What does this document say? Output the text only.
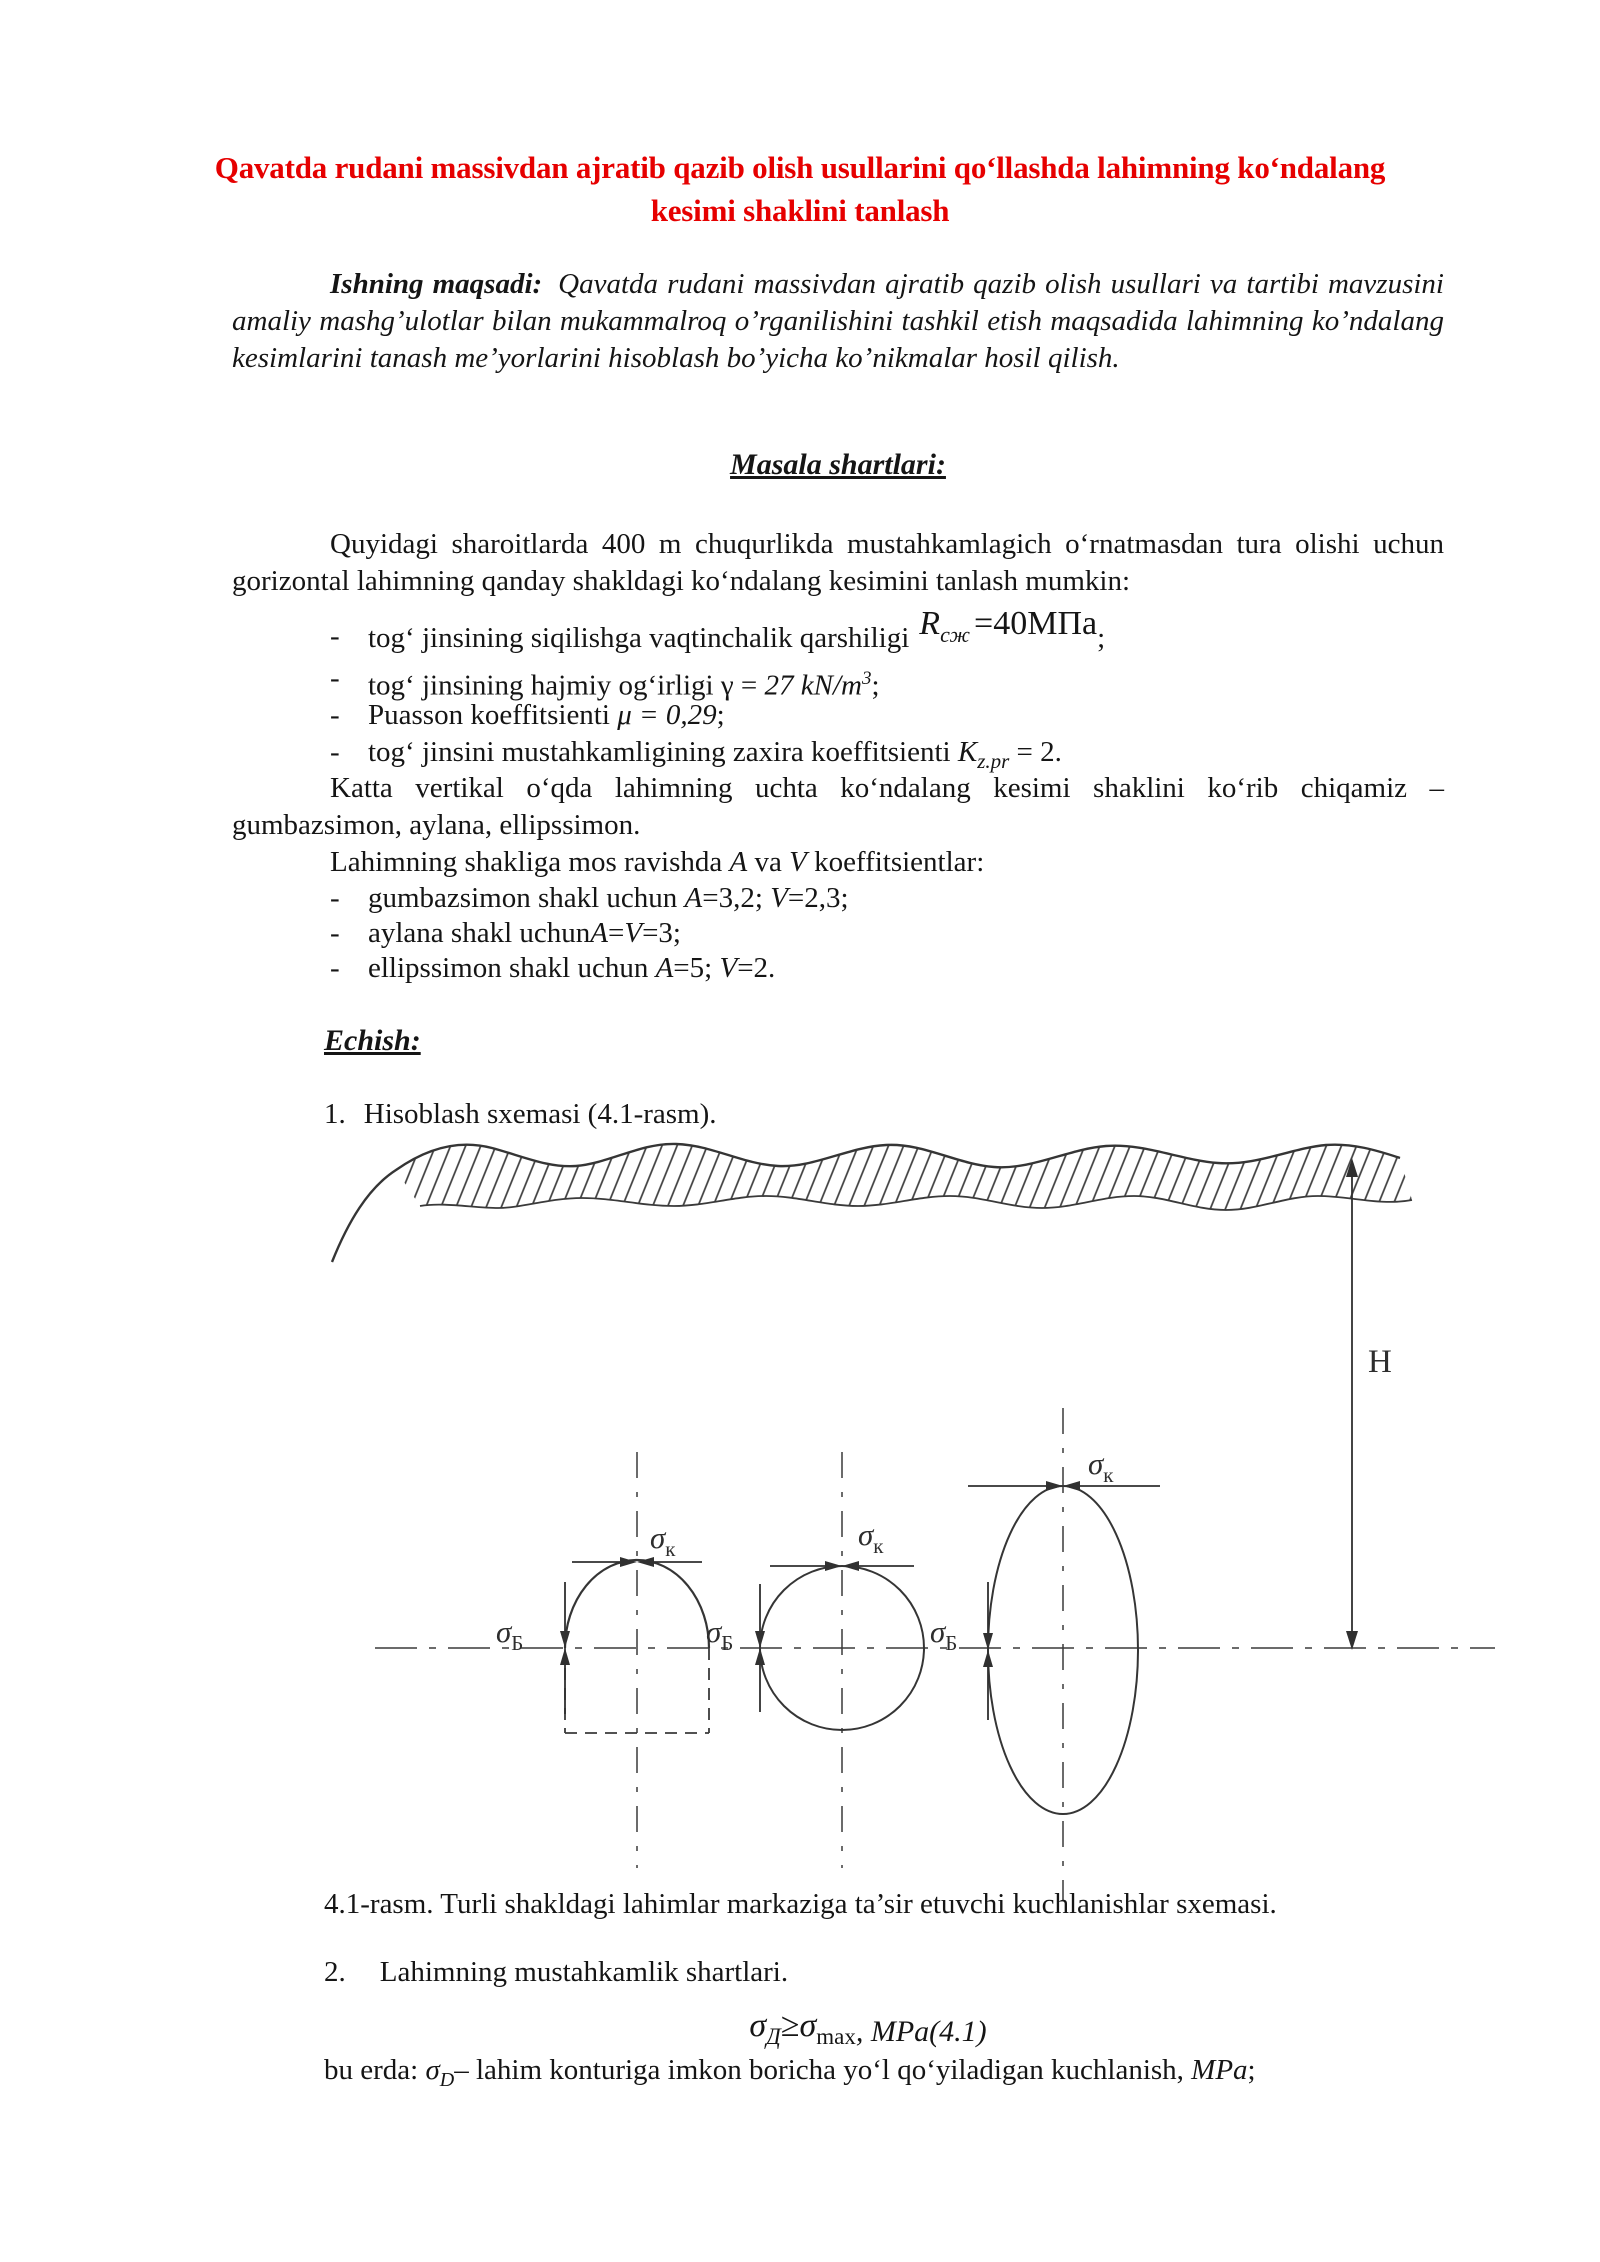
Qavatda rudani massivdan ajratib qazib olish usullarini qo‘llashda lahimning ko‘ndalang
kesimi shaklini tanlash
Ishning maqsadi: Qavatda rudani massivdan ajratib qazib olish usullari va tartibi mavzusini amaliy mashg’ulotlar bilan mukammalroq o’rganilishini tashkil etish maqsadida lahimning ko’ndalang kesimlarini tanash me’yorlarini hisoblash bo’yicha ko’nikmalar hosil qilish.
Masala shartlari:
Quyidagi sharoitlarda 400 m chuqurlikda mustahkamlagich o‘rnatmasdan tura olishi uchun gorizontal lahimning qanday shakldagi ko‘ndalang kesimini tanlash mumkin:
- tog‘ jinsining siqilishga vaqtinchalik qarshiligi $R_{сж} =40МПа$;
- tog‘ jinsining hajmiy og‘irligi γ = 27 $kN/m^3$;
- Puasson koeffitsienti μ = 0,29;
- tog‘ jinsini mustahkamligining zaxira koeffitsienti $K_{z.pr} = 2$.
Katta vertikal o‘qda lahimning uchta ko‘ndalang kesimi shaklini ko‘rib chiqamiz – gumbazsimon, aylana, ellipssimon.
Lahimning shakliga mos ravishda A va V koeffitsientlar:
- gumbazsimon shakl uchun A=3,2; V=2,3;
- aylana shakl uchunA=V=3;
- ellipssimon shakl uchun A=5; V=2.
Echish:
1. Hisoblash sxemasi (4.1-rasm).
$\sigma_к$	$\sigma_к$
$\sigma_к$
$\sigma_Б$	$\sigma_Б$	$\sigma_Б$
H
4.1-rasm. Turli shakldagi lahimlar markaziga ta’sir etuvchi kuchlanishlar sxemasi.
2. Lahimning mustahkamlik shartlari.
$\sigma_Д\ge\sigma_{max}$, MPa(4.1)
bu erda: $\sigma_D-$ lahim konturiga imkon boricha yo‘l qo‘yiladigan kuchlanish, MPa;
